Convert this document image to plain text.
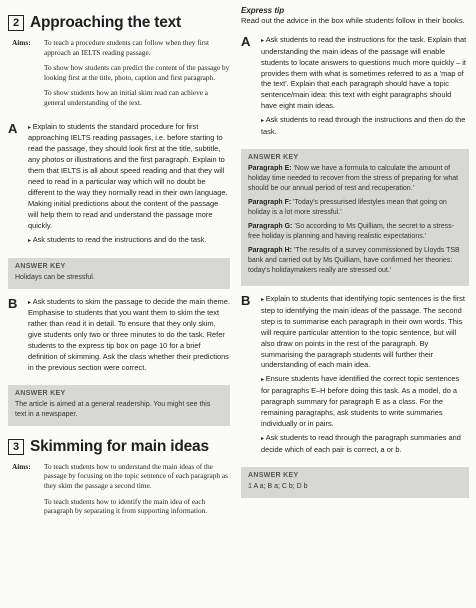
2 Approaching the text
Aims:	To teach a procedure students can follow when they first approach an IELTS reading passage.

To show how students can predict the content of the passage by looking first at the title, photo, caption and first paragraph.

To show students how an initial skim read can achieve a general understanding of the text.

A	▸ Explain to students the standard procedure for first approaching IELTS reading passages, i.e. before starting to read the passage, they should look first at the title, subtitle, any photos or illustrations and the first paragraph. Explain to them that IELTS is all about speed reading and that they will need to read in a particular way which will no doubt be different to the way they normally read in their own language. Making initial predictions about the content of the passage will help them to read and understand the passage more quickly.

▸ Ask students to read the instructions and do the task.

ANSWER KEY
Holidays can be stressful.
B	▸ Ask students to skim the passage to decide the main theme. Emphasise to students that you want them to skim the text rather than read it in detail. To ensure that they only skim, give students only two or three minutes to do the task. Refer students to the express tip box on page 10 for a brief definition of skimming. Ask the class whether their predictions in the previous section were correct.

ANSWER KEY
The article is aimed at a general readership. You might see this text in a newspaper.
3 Skimming for main ideas
Aims:	To teach students how to understand the main ideas of the passage by focusing on the topic sentence of each paragraph as they skim the passage a second time.

To teach students how to identify the main idea of each paragraph by separating it from supporting information.

Express tip
Read out the advice in the box while students follow in their books.
A	▸ Ask students to read the instructions for the task. Explain that understanding the main ideas of the passage will enable students to locate answers to questions much more quickly – it provides them with what is sometimes referred to as a 'map of the text'. Explain that each paragraph should have a topic sentence/main idea: this text with eight paragraphs should have eight main ideas.

▸ Ask students to read through the instructions and then do the task.

ANSWER KEY

Paragraph E: 'Now we have a formula to calculate the amount of holiday time needed to recover from the stress of preparing for what should be our annual period of rest and recuperation.'

Paragraph F: 'Today's pressurised lifestyles mean that going on holiday is a lot more stressful.'

Paragraph G: 'So according to Ms Quilliam, the secret to a stress-free holiday is planning and having realistic expectations.'

Paragraph H: 'The results of a survey commissioned by Lloyds TSB bank and carried out by Ms Quilliam, have confirmed her theories: today's holidaymakers really are stressed out.'

B	▸ Explain to students that identifying topic sentences is the first step to identifying the main ideas of the passage. The second step is to summarise each paragraph in their own words. This will require particular attention to the topic sentence, but will also draw on points in the rest of the paragraph. By summarising the paragraph students will further their understanding of each main idea.

▸ Ensure students have identified the correct topic sentences for paragraphs E–H before doing this task. As a model, do a paragraph summary for paragraph E as a class. For the remaining paragraphs, ask students to write summaries individually or in pairs.

▸ Ask students to read through the paragraph summaries and decide which of each pair is correct, a or b.

ANSWER KEY
1 A a; B a; C b; D b
